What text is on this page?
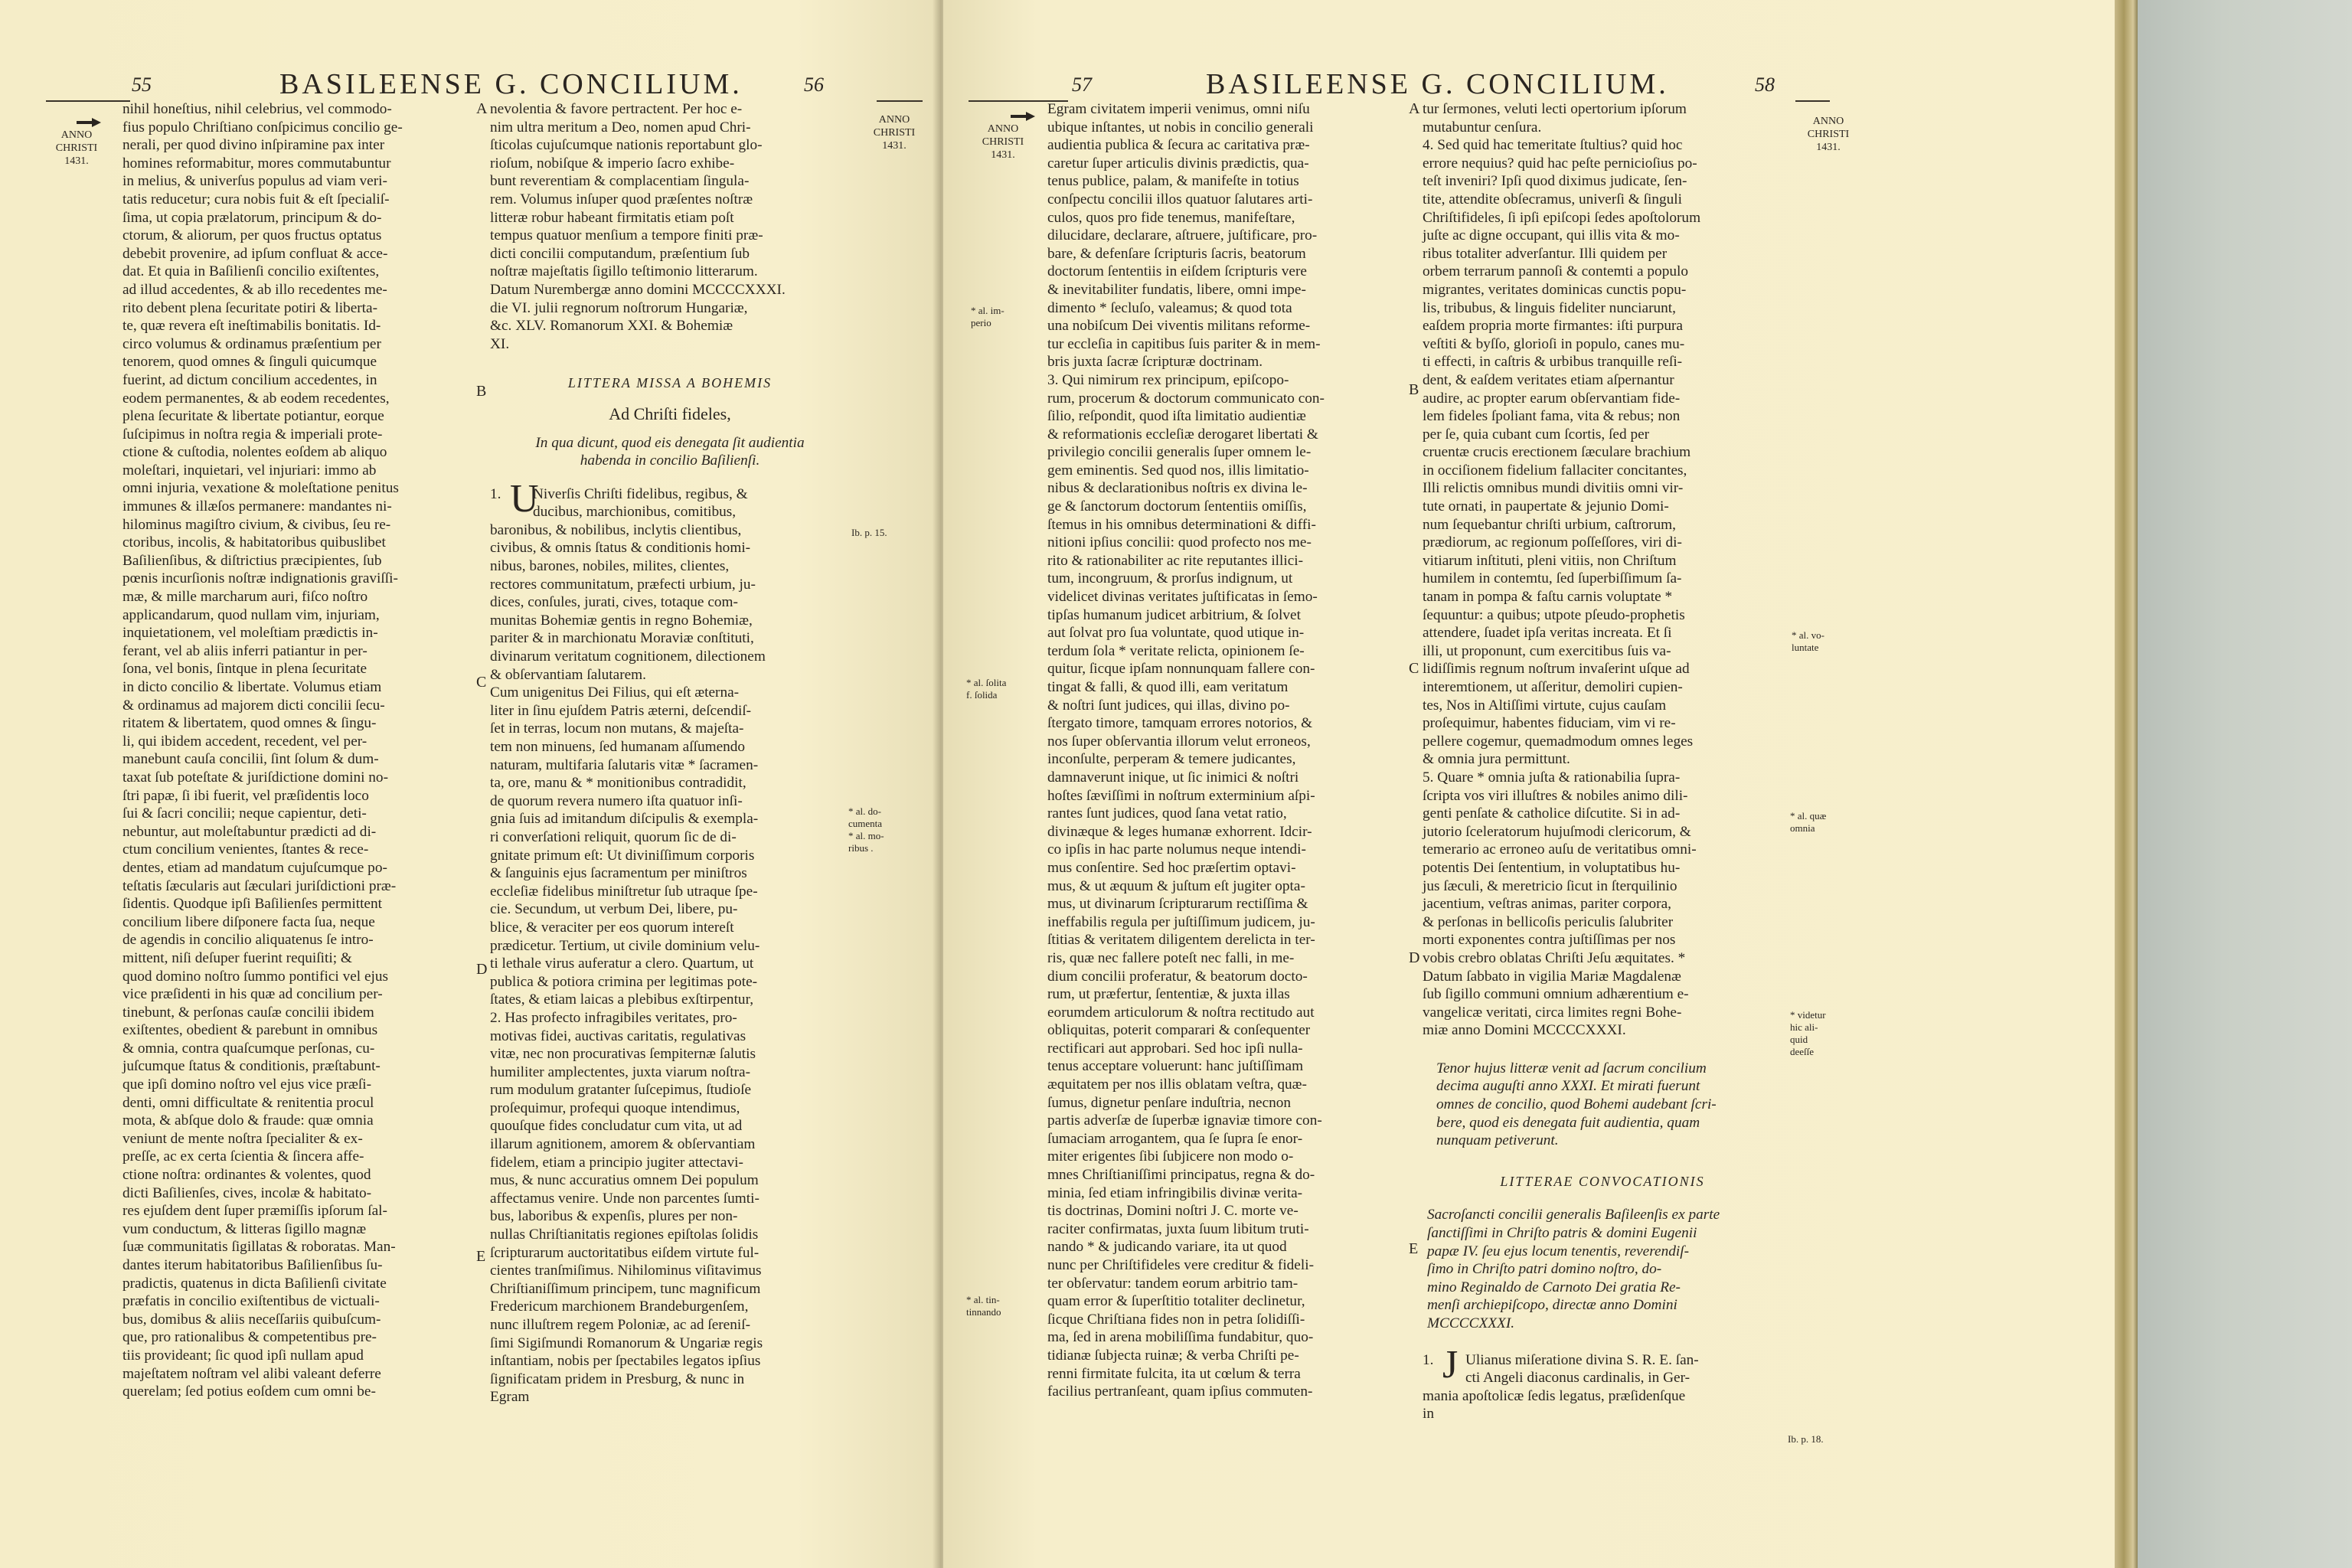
55	BASILEENSE G. CONCILIUM.	56
ANNO
CHRISTI
1431.
ANNO
CHRISTI
1431.

nihil honeſtius, nihil celebrius, vel commodo-

fius populo Chriſtiano conſpicimus concilio ge-

nerali, per quod divino inſpiramine pax inter

homines reformabitur, mores commutabuntur

in melius, & univerſus populus ad viam veri-

tatis reducetur; cura nobis fuit & eſt ſpecialiſ-

ſima, ut copia prælatorum, principum & do-

ctorum, & aliorum, per quos fructus optatus

debebit provenire, ad ipſum confluat & acce-

dat. Et quia in Baſilienſi concilio exiſtentes,

ad illud accedentes, & ab illo recedentes me-

rito debent plena ſecuritate potiri & liberta-

te, quæ revera eſt ineſtimabilis bonitatis. Id-

circo volumus & ordinamus præſentium per

tenorem, quod omnes & ſinguli quicumque

fuerint, ad dictum concilium accedentes, in

eodem permanentes, & ab eodem recedentes,

plena ſecuritate & libertate potiantur, eorque

ſuſcipimus in noſtra regia & imperiali prote-

ctione & cuſtodia, nolentes eoſdem ab aliquo

moleſtari, inquietari, vel injuriari: immo ab

omni injuria, vexatione & moleſtatione penitus

immunes & illæſos permanere: mandantes ni-

hilominus magiſtro civium, & civibus, ſeu re-

ctoribus, incolis, & habitatoribus quibuslibet

Baſilienſibus, & diſtrictius præcipientes, ſub

pœnis incurſionis noſtræ indignationis graviſſi-

mæ, & mille marcharum auri, fiſco noſtro

applicandarum, quod nullam vim, injuriam,

inquietationem, vel moleſtiam prædictis in-

ferant, vel ab aliis inferri patiantur in per-

ſona, vel bonis, ſintque in plena ſecuritate

in dicto concilio & libertate. Volumus etiam

& ordinamus ad majorem dicti concilii ſecu-

ritatem & libertatem, quod omnes & ſingu-

li, qui ibidem accedent, recedent, vel per-

manebunt cauſa concilii, ſint ſolum & dum-

taxat ſub poteſtate & juriſdictione domini no-

ſtri papæ, ſi ibi fuerit, vel præſidentis loco

ſui & ſacri concilii; neque capientur, deti-

nebuntur, aut moleſtabuntur prædicti ad di-

ctum concilium venientes, ſtantes & rece-

dentes, etiam ad mandatum cujuſcumque po-

teſtatis ſæcularis aut ſæculari juriſdictioni præ-

ſidentis. Quodque ipſi Baſilienſes permittent

concilium libere diſponere facta ſua, neque

de agendis in concilio aliquatenus ſe intro-

mittent, niſi deſuper fuerint requiſiti; &

quod domino noſtro ſummo pontifici vel ejus

vice præſidenti in his quæ ad concilium per-

tinebunt, & perſonas cauſæ concilii ibidem

exiſtentes, obedient & parebunt in omnibus

& omnia, contra quaſcumque perſonas, cu-

juſcumque ſtatus & conditionis, præſtabunt-

que ipſi domino noſtro vel ejus vice præſi-

denti, omni difficultate & renitentia procul

mota, & abſque dolo & fraude: quæ omnia

veniunt de mente noſtra ſpecialiter & ex-

preſſe, ac ex certa ſcientia & ſincera affe-

ctione noſtra: ordinantes & volentes, quod

dicti Baſilienſes, cives, incolæ & habitato-

res ejuſdem dent ſuper præmiſſis ipſorum ſal-

vum conductum, & litteras ſigillo magnæ

ſuæ communitatis ſigillatas & roboratas. Man-

dantes iterum habitatoribus Baſilienſibus ſu-

pradictis, quatenus in dicta Baſilienſi civitate

præfatis in concilio exiſtentibus de victuali-

bus, domibus & aliis neceſſariis quibuſcum-

que, pro rationalibus & competentibus pre-

tiis provideant; ſic quod ipſi nullam apud

majeſtatem noſtram vel alibi valeant deferre

querelam; ſed potius eoſdem cum omni be-

nevolentia & favore pertractent. Per hoc e-

nim ultra meritum a Deo, nomen apud Chri-

ſticolas cujuſcumque nationis reportabunt glo-

rioſum, nobiſque & imperio ſacro exhibe-

bunt reverentiam & complacentiam ſingula-

rem. Volumus inſuper quod præſentes noſtræ

litteræ robur habeant firmitatis etiam poſt

tempus quatuor menſium a tempore finiti præ-

dicti concilii computandum, præſentium ſub

noſtræ majeſtatis ſigillo teſtimonio litterarum.

Datum Nurembergæ anno domini MCCCCXXXI.

die VI. julii regnorum noſtrorum Hungariæ,

&c. XLV. Romanorum XXI. & Bohemiæ

XI.

LITTERA MISSA A BOHEMIS

Ad Chriſti fideles,

In qua dicunt, quod eis denegata ſit audientia

habenda in concilio Baſilienſi.

1. U

Niverſis Chriſti fidelibus, regibus, &

ducibus, marchionibus, comitibus,

baronibus, & nobilibus, inclytis clientibus,

civibus, & omnis ſtatus & conditionis homi-

nibus, barones, nobiles, milites, clientes,

rectores communitatum, præfecti urbium, ju-

dices, conſules, jurati, cives, totaque com-

munitas Bohemiæ gentis in regno Bohemiæ,

pariter & in marchionatu Moraviæ conſtituti,

divinarum veritatum cognitionem, dilectionem

& obſervantiam ſalutarem.

Cum unigenitus Dei Filius, qui eſt æterna-

liter in ſinu ejuſdem Patris æterni, deſcendiſ-

ſet in terras, locum non mutans, & majeſta-

tem non minuens, ſed humanam aſſumendo

naturam, multifaria ſalutaris vitæ * ſacramen-

ta, ore, manu & * monitionibus contradidit,

de quorum revera numero iſta quatuor inſi-

gnia ſuis ad imitandum diſcipulis & exempla-

ri converſationi reliquit, quorum ſic de di-

gnitate primum eſt: Ut diviniſſimum corporis

& ſanguinis ejus ſacramentum per miniſtros

eccleſiæ fidelibus miniſtretur ſub utraque ſpe-

cie. Secundum, ut verbum Dei, libere, pu-

blice, & veraciter per eos quorum intereſt

prædicetur. Tertium, ut civile dominium velu-

ti lethale virus auferatur a clero. Quartum, ut

publica & potiora crimina per legitimas pote-

ſtates, & etiam laicas a plebibus exſtirpentur,

2. Has profecto infragibiles veritates, pro-

motivas fidei, auctivas caritatis, regulativas

vitæ, nec non procurativas ſempiternæ ſalutis

humiliter amplectentes, juxta viarum noſtra-

rum modulum gratanter ſuſcepimus, ſtudioſe

proſequimur, profequi quoque intendimus,

quouſque fides concludatur cum vita, ut ad

illarum agnitionem, amorem & obſervantiam

fidelem, etiam a principio jugiter attectavi-

mus, & nunc accuratius omnem Dei populum

affectamus venire. Unde non parcentes ſumti-

bus, laboribus & expenſis, plures per non-

nullas Chriſtianitatis regiones epiſtolas ſolidis

ſcripturarum auctoritatibus eiſdem virtute ful-

cientes tranſmiſimus. Nihilominus viſitavimus

Chriſtianiſſimum principem, tunc magnificum

Fredericum marchionem Brandeburgenſem,

nunc illuſtrem regem Poloniæ, ac ad ſereniſ-

ſimi Sigiſmundi Romanorum & Ungariæ regis

inſtantiam, nobis per ſpectabiles legatos ipſius

ſignificatam pridem in Presburg, & nunc in

Egram

Ib. p. 15.
* al. do-
cumenta
* al. mo-
ribus .
A
B
C
D
E
57	BASILEENSE G. CONCILIUM.	58
ANNO
CHRISTI
1431.
ANNO
CHRISTI
1431.

Egram civitatem imperii venimus, omni niſu

ubique inſtantes, ut nobis in concilio generali

audientia publica & ſecura ac caritativa præ-

caretur ſuper articulis divinis prædictis, qua-

tenus publice, palam, & manifeſte in totius

conſpectu concilii illos quatuor ſalutares arti-

culos, quos pro fide tenemus, manifeſtare,

dilucidare, declarare, aſtruere, juſtificare, pro-

bare, & defenſare ſcripturis ſacris, beatorum

doctorum ſententiis in eiſdem ſcripturis vere

& inevitabiliter fundatis, libere, omni impe-

dimento * ſecluſo, valeamus; & quod tota

una nobiſcum Dei viventis militans reforme-

tur eccleſia in capitibus ſuis pariter & in mem-

bris juxta ſacræ ſcripturæ doctrinam.

3. Qui nimirum rex principum, epiſcopo-

rum, procerum & doctorum communicato con-

ſilio, reſpondit, quod iſta limitatio audientiæ

& reformationis eccleſiæ derogaret libertati &

privilegio concilii generalis ſuper omnem le-

gem eminentis. Sed quod nos, illis limitatio-

nibus & declarationibus noſtris ex divina le-

ge & ſanctorum doctorum ſententiis omiſſis,

ſtemus in his omnibus determinationi & diffi-

nitioni ipſius concilii: quod profecto nos me-

rito & rationabiliter ac rite reputantes illici-

tum, incongruum, & prorſus indignum, ut

videlicet divinas veritates juſtificatas in ſemo-

tipſas humanum judicet arbitrium, & ſolvet

aut ſolvat pro ſua voluntate, quod utique in-

terdum ſola * veritate relicta, opinionem ſe-

quitur, ſicque ipſam nonnunquam fallere con-

tingat & falli, & quod illi, eam veritatum

& noſtri ſunt judices, qui illas, divino po-

ſtergato timore, tamquam errores notorios, &

nos ſuper obſervantia illorum velut erroneos,

inconſulte, perperam & temere judicantes,

damnaverunt inique, ut ſic inimici & noſtri

hoſtes ſæviſſimi in noſtrum exterminium aſpi-

rantes ſunt judices, quod ſana vetat ratio,

divinæque & leges humanæ exhorrent. Idcir-

co ipſis in hac parte nolumus neque intendi-

mus conſentire. Sed hoc præſertim optavi-

mus, & ut æquum & juſtum eſt jugiter opta-

mus, ut divinarum ſcripturarum rectiſſima &

ineffabilis regula per juſtiſſimum judicem, ju-

ſtitias & veritatem diligentem derelicta in ter-

ris, quæ nec fallere poteſt nec falli, in me-

dium concilii proferatur, & beatorum docto-

rum, ut præfertur, ſententiæ, & juxta illas

eorumdem articulorum & noſtra rectitudo aut

obliquitas, poterit comparari & conſequenter

rectificari aut approbari. Sed hoc ipſi nulla-

tenus acceptare voluerunt: hanc juſtiſſimam

æquitatem per nos illis oblatam veſtra, quæ-

ſumus, dignetur penſare induſtria, necnon

partis adverſæ de ſuperbæ ignaviæ timore con-

ſumaciam arrogantem, qua ſe ſupra ſe enor-

miter erigentes ſibi ſubjicere non modo o-

mnes Chriſtianiſſimi principatus, regna & do-

minia, ſed etiam infringibilis divinæ verita-

tis doctrinas, Domini noſtri J. C. morte ve-

raciter confirmatas, juxta ſuum libitum truti-

nando * & judicando variare, ita ut quod

nunc per Chriſtifideles vere creditur & fideli-

ter obſervatur: tandem eorum arbitrio tam-

quam error & ſuperſtitio totaliter declinetur,

ſicque Chriſtiana fides non in petra ſolidiſſi-

ma, ſed in arena mobiliſſima fundabitur, quo-

tidianæ ſubjecta ruinæ; & verba Chriſti pe-

renni firmitate fulcita, ita ut cœlum & terra

facilius pertranſeant, quam ipſius commuten-

tur ſermones, veluti lecti opertorium ipſorum

mutabuntur cenſura.

4. Sed quid hac temeritate ſtultius? quid hoc

errore nequius? quid hac peſte pernicioſius po-

teſt inveniri? Ipſi quod diximus judicate, ſen-

tite, attendite obſecramus, univerſi & ſinguli

Chriſtifideles, ſi ipſi epiſcopi ſedes apoſtolorum

juſte ac digne occupant, qui illis vita & mo-

ribus totaliter adverſantur. Illi quidem per

orbem terrarum pannoſi & contemti a populo

migrantes, veritates dominicas cunctis popu-

lis, tribubus, & linguis fideliter nunciarunt,

eaſdem propria morte firmantes: iſti purpura

veſtiti & byſſo, glorioſi in populo, canes mu-

ti effecti, in caſtris & urbibus tranquille reſi-

dent, & eaſdem veritates etiam aſpernantur

audire, ac propter earum obſervantiam fide-

lem fideles ſpoliant fama, vita & rebus; non

per ſe, quia cubant cum ſcortis, ſed per

cruentæ crucis erectionem ſæculare brachium

in occiſionem fidelium fallaciter concitantes,

Illi relictis omnibus mundi divitiis omni vir-

tute ornati, in paupertate & jejunio Domi-

num ſequebantur chriſti urbium, caſtrorum,

prædiorum, ac regionum poſſeſſores, viri di-

vitiarum inſtituti, pleni vitiis, non Chriſtum

humilem in contemtu, ſed ſuperbiſſimum ſa-

tanam in pompa & faſtu carnis voluptate *

ſequuntur: a quibus; utpote pſeudo-prophetis

attendere, ſuadet ipſa veritas increata. Et ſi

illi, ut proponunt, cum exercitibus ſuis va-

lidiſſimis regnum noſtrum invaſerint uſque ad

interemtionem, ut aſſeritur, demoliri cupien-

tes, Nos in Altiſſimi virtute, cujus cauſam

proſequimur, habentes fiduciam, vim vi re-

pellere cogemur, quemadmodum omnes leges

& omnia jura permittunt.

5. Quare * omnia juſta & rationabilia ſupra-

ſcripta vos viri illuſtres & nobiles animo dili-

genti penſate & catholice diſcutite. Si in ad-

jutorio ſceleratorum hujuſmodi clericorum, &

temerario ac erroneo auſu de veritatibus omni-

potentis Dei ſententium, in voluptatibus hu-

jus ſæculi, & meretricio ſicut in ſterquilinio

jacentium, veſtras animas, pariter corpora,

& perſonas in bellicoſis periculis ſalubriter

morti exponentes contra juſtiſſimas per nos

vobis crebro oblatas Chriſti Jeſu æquitates. *

Datum ſabbato in vigilia Mariæ Magdalenæ

ſub ſigillo communi omnium adhærentium e-

vangelicæ veritati, circa limites regni Bohe-

miæ anno Domini MCCCCXXXI.

Tenor hujus litteræ venit ad ſacrum concilium

decima auguſti anno XXXI. Et mirati fuerunt

omnes de concilio, quod Bohemi audebant ſcri-

bere, quod eis denegata fuit audientia, quam

nunquam petiverunt.

LITTERAE CONVOCATIONIS

Sacroſancti concilii generalis Baſileenſis ex parte

ſanctiſſimi in Chriſto patris & domini Eugenii

papæ IV. ſeu ejus locum tenentis, reverendiſ-

ſimo in Chriſto patri domino noſtro, do-

mino Reginaldo de Carnoto Dei gratia Re-

menſi archiepiſcopo, directæ anno Domini

MCCCCXXXI.

1. J Ulianus miſeratione divina S. R. E. ſan-

cti Angeli diaconus cardinalis, in Ger-

mania apoſtolicæ ſedis legatus, præſidenſque

in

* al. im-
perio
* al. ſolita
f. ſolida
* al. tin-
tinnando
* al. vo-
luntate
* al. quæ
omnia
* videtur
hic ali-
quid
deeſſe
Ib. p. 18.
A
B
C
D
E
